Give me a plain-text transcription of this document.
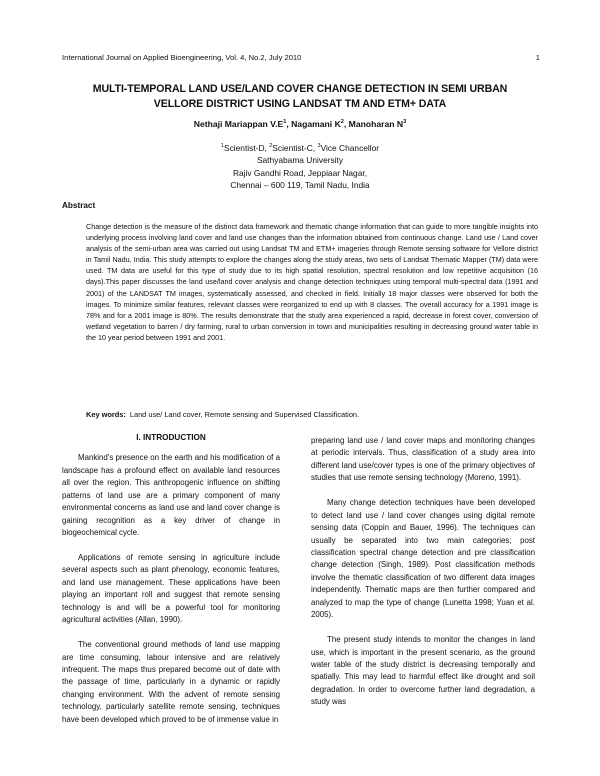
International Journal on Applied Bioengineering, Vol. 4, No.2, July 2010	1
MULTI-TEMPORAL LAND USE/LAND COVER CHANGE DETECTION IN SEMI URBAN
VELLORE DISTRICT USING LANDSAT TM AND ETM+ DATA
Nethaji Mariappan $V.E^1$, Nagamani $K^2$, Manoharan $N^3$
$^1$Scientist-D, $^2$Scientist-C, $^3$Vice Chancellor
Sathyabama University
Rajiv Gandhi Road, Jeppiaar Nagar,
Chennai – 600 119, Tamil Nadu, India
Abstract
Change detection is the measure of the distinct data framework and thematic change information that can guide to more tangible insights into underlying process involving land cover and land use changes than the information obtained from continuous change. Land use / Land cover analysis of the semi-urban area was carried out using Landsat TM and ETM+ imageries through Remote sensing software for Vellore district in Tamil Nadu, India. This study attempts to explore the changes along the study areas, two sets of Landsat Thematic Mapper (TM) data were used. TM data are useful for this type of study due to its high spatial resolution, spectral resolution and low repetitive acquisition (16 days).This paper discusses the land use/land cover analysis and change detection techniques using temporal multi-spectral data (1991 and 2001) of the LANDSAT TM images, systematically assessed, and checked in field. Initially 18 major classes were observed for both the images. To minimize similar features, relevant classes were reorganized to end up with 8 classes. The overall accuracy for a 1991 image is 78% and for a 2001 image is 80%. The results demonstrate that the study area experienced a rapid, decrease in forest cover, conversion of wetland vegetation to barren / dry farming, rural to urban conversion in town and municipalities resulting in decreasing ground water table in the 10 year period between 1991 and 2001.
Key words: Land use/ Land cover, Remote sensing and Supervised Classification.
I. INTRODUCTION

Mankind's presence on the earth and his modification of a landscape has a profound effect on available land resources all over the region. This anthropogenic influence on shifting patterns of land use are a primary component of many environmental concerns as land use and land cover change is gaining recognition as a key driver of change in biogeochemical cycle.

Applications of remote sensing in agriculture include several aspects such as plant phenology, economic features, and land use management. These applications have been playing an important roll and suggest that remote sensing technology is and will be a powerful tool for monitoring agricultural activities (Allan, 1990).

The conventional ground methods of land use mapping are time consuming, labour intensive and are relatively infrequent. The maps thus prepared become out of date with the passage of time, particularly in a dynamic or rapidly changing environment. With the advent of remote sensing technology, particularly satellite remote sensing, techniques have been developed which proved to be of immense value in

preparing land use / land cover maps and monitoring changes at periodic intervals. Thus, classification of a study area into different land use/cover types is one of the primary objectives of studies that use remote sensing technology (Moreno, 1991).

Many change detection techniques have been developed to detect land use / land cover changes using digital remote sensing data (Coppin and Bauer, 1996). The techniques can usually be separated into two main categories; post classification spectral change detection and pre classification change detection (Singh, 1989). Post classification methods involve the thematic classification of two different data images independently. Thematic maps are then further compared and analyzed to map the type of change (Lunetta 1998; Yuan et al. 2005).

The present study intends to monitor the changes in land use, which is important in the present scenario, as the ground water table of the study district is decreasing temporally and spatially. This may lead to harmful effect like drought and soil degradation. In order to overcome further land degradation, a study was
